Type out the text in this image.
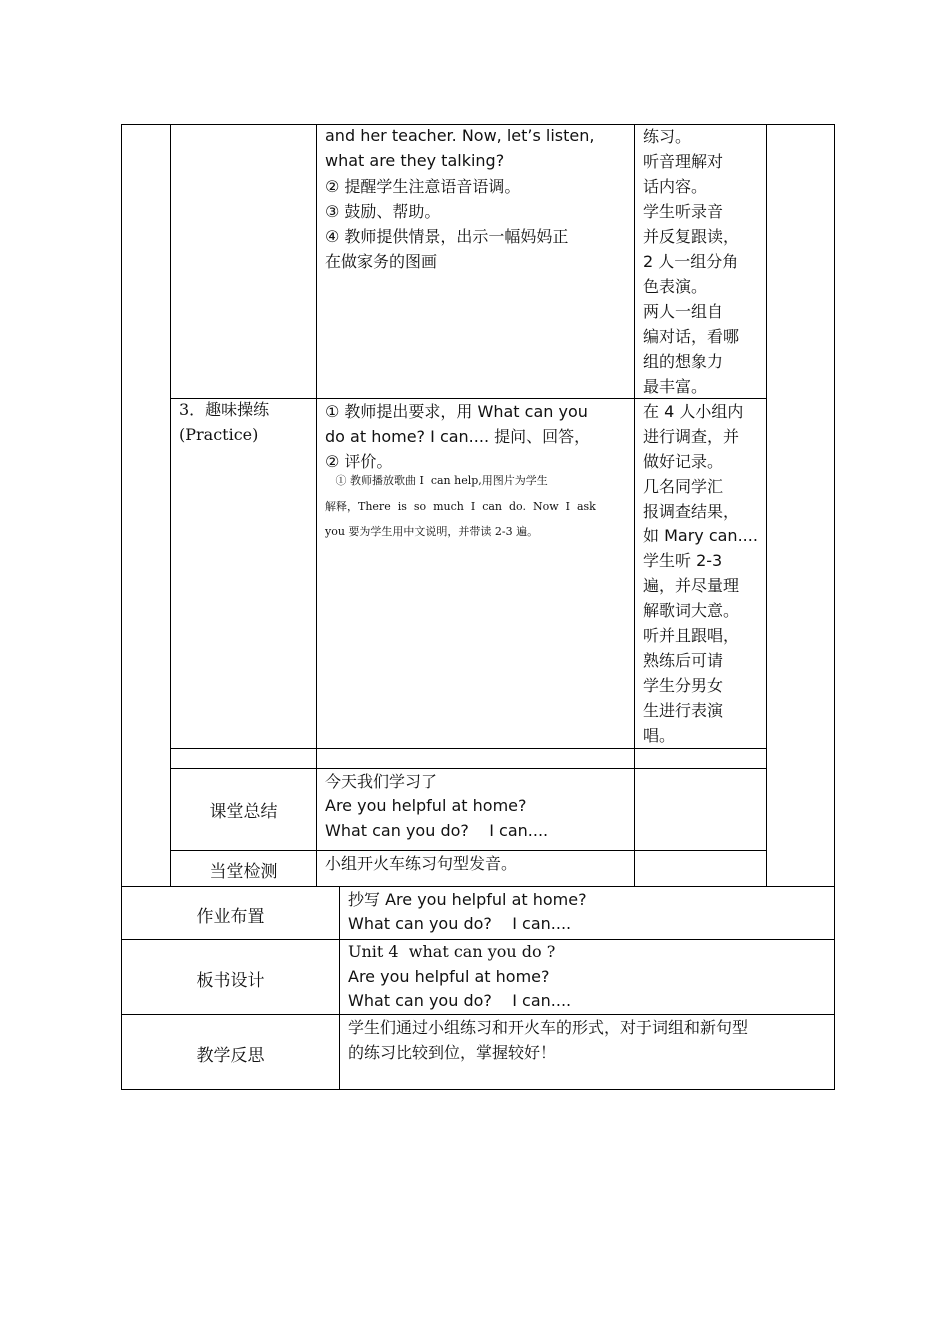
and her teacher. Now, let’s listen,
what are they talking?
② 提醒学生注意语音语调。
③ 鼓励、帮助。
④ 教师提供情景，出示一幅妈妈正
在做家务的图画
练习。
听音理解对
话内容。
学生听录音
并反复跟读，
2 人一组分角
色表演。
两人一组自
编对话，看哪
组的想象力
最丰富。
3．趣味操练
(Practice)
① 教师提出要求，用 What can you
do at home? I can.... 提问、回答，
② 评价。
① 教师播放歌曲 I  can help,用图片为学生
解释，There  is  so  much  I  can  do.  Now  I  ask
you 要为学生用中文说明，并带读 2-3 遍。
在 4 人小组内
进行调查，并
做好记录。
几名同学汇
报调查结果，
如 Mary can....
学生听 2-3
遍，并尽量理
解歌词大意。
听并且跟唱，
熟练后可请
学生分男女
生进行表演
唱。
课堂总结
今天我们学习了
Are you helpful at home?
What can you do?    I can....
当堂检测	小组开火车练习句型发音。
作业布置
抄写 Are you helpful at home?
What can you do?    I can....
板书设计
Unit 4  what can you do ?
Are you helpful at home?
What can you do?    I can....
教学反思
学生们通过小组练习和开火车的形式，对于词组和新句型
的练习比较到位，掌握较好！
